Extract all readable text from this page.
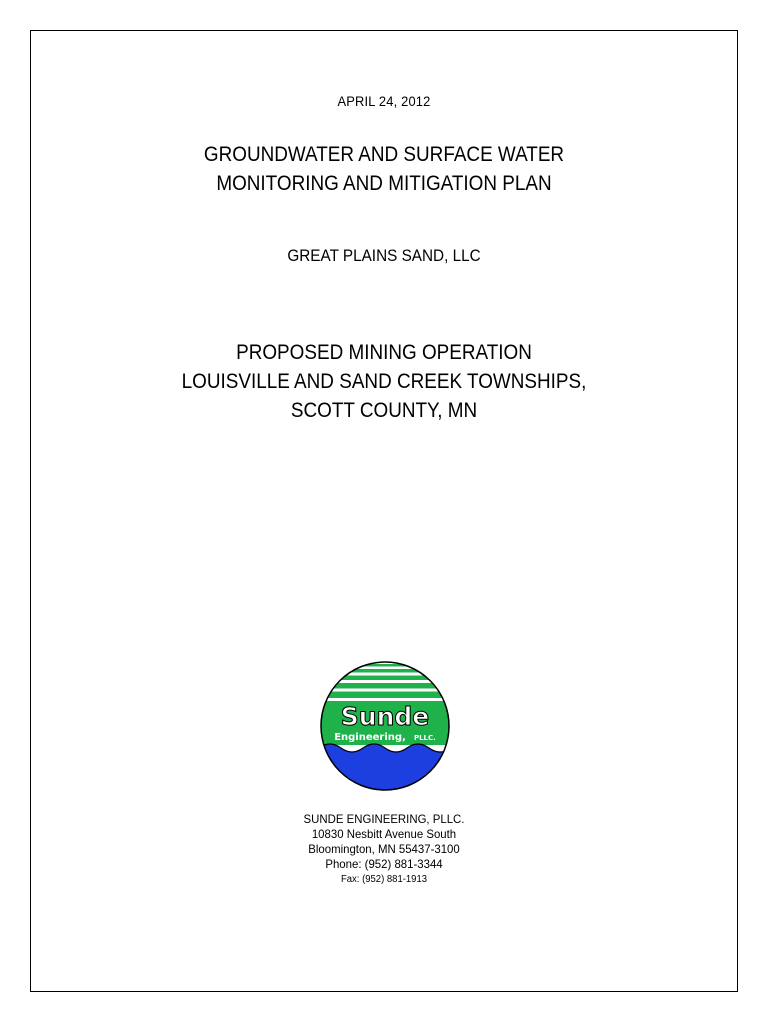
APRIL 24, 2012
GROUNDWATER AND SURFACE WATER
MONITORING AND MITIGATION PLAN
GREAT PLAINS SAND, LLC
PROPOSED MINING OPERATION
LOUISVILLE AND SAND CREEK TOWNSHIPS,
SCOTT COUNTY, MN
Sunde
Engineering, PLLC.
SUNDE ENGINEERING, PLLC.
10830 Nesbitt Avenue South
Bloomington, MN 55437-3100
Phone: (952) 881-3344
Fax: (952) 881-1913
